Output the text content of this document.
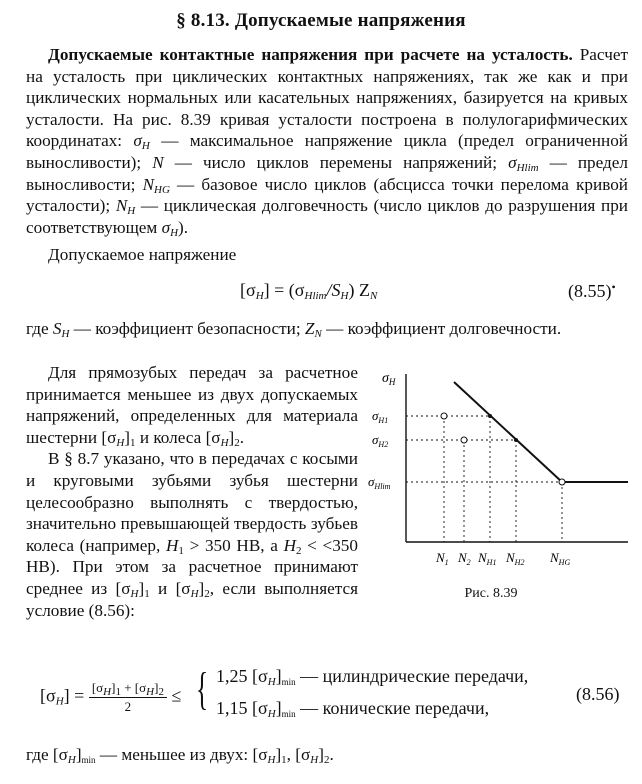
§ 8.13. Допускаемые напряжения

Допускаемые контактные напряжения при расчете на усталость. Расчет на усталость при циклических контактных напряжениях, так же как и при циклических нормальных или касательных напряжениях, базируется на кривых усталости. На рис. 8.39 кривая усталости построена в полулогарифмических координатах: $\sigma_H$ — максимальное напряжение цикла (предел ограниченной выносливости); N — число циклов перемены напряжений; $\sigma_{Hlim}$ — предел выносливости; $N_{HG}$ — базовое число циклов (абсцисса точки перелома кривой усталости); $N_H$ — циклическая долговечность (число циклов до разрушения при соответствующем $\sigma_H$).

Допускаемое напряжение

$[\sigma_H] = (\sigma_{Hlim}/S_H)$ $Z_N$	(8.55)•

где $S_H$ — коэффициент безопасности; $Z_N$ — коэффициент долговечности.

Для прямозубых передач за расчетное принимается меньшее из двух допускаемых напряжений, определенных для материала шестерни $[\sigma_H]_1$ и колеса $[\sigma_H]_2$.

В § 8.7 указано, что в передачах с косыми и круговыми зубьями зубья шестерни целесообразно выполнять с твердостью, значительно превышающей твердость зубьев колеса (например, $H_1 > 350$ НВ, а $H_2 < <350$ НВ). При этом за расчетное принимают среднее из $[\sigma_H]_1$ и $[\sigma_H]_2$, если выполняется условие (8.56):

$\sigma_H$
$\sigma_{H1}$
$\sigma_{H2}$
$\sigma_{Hlim}$
$N_1$ $N_2$ $N_{H1}$ $N_{H2}$ $N_{HG}$
Рис. 8.39
$[\sigma_H] = \frac{[\sigma_H]_1 + [\sigma_H]_2}{2}$ ≤ { 1,25 $[\sigma_H]_{min}$ — цилиндрические передачи,
1,15 $[\sigma_H]_{min}$ — конические передачи,
(8.56)

где $[\sigma_H]_{min}$ — меньшее из двух: $[\sigma_H]_1$, $[\sigma_H]_2$.
